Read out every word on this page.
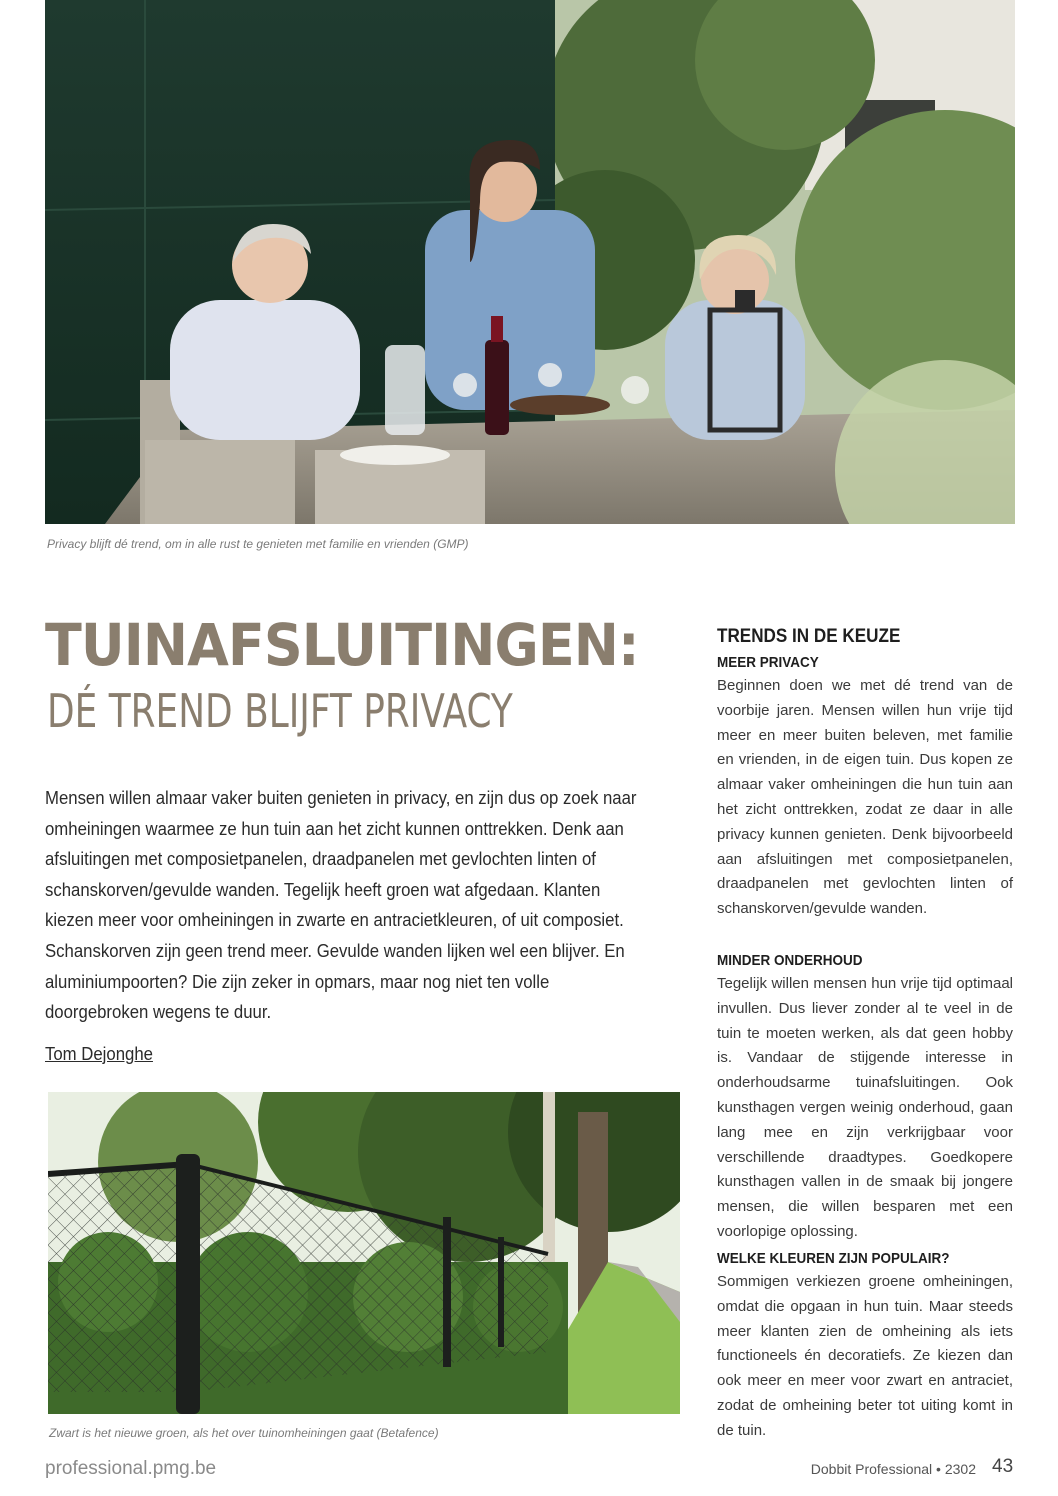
Privacy blijft dé trend, om in alle rust te genieten met familie en vrienden (GMP)
TUINAFSLUITINGEN:
DÉ TREND BLIJFT PRIVACY

Mensen willen almaar vaker buiten genieten in privacy, en zijn dus op zoek naar omheiningen waarmee ze hun tuin aan het zicht kunnen onttrekken. Denk aan afsluitingen met composietpanelen, draadpanelen met gevlochten linten of schanskorven/gevulde wanden. Tegelijk heeft groen wat afgedaan. Klanten kiezen meer voor omheiningen in zwarte en antracietkleuren, of uit composiet. Schanskorven zijn geen trend meer. Gevulde wanden lijken wel een blijver. En aluminiumpoorten? Die zijn zeker in opmars, maar nog niet ten volle doorgebroken wegens te duur.

Tom Dejonghe
Zwart is het nieuwe groen, als het over tuinomheiningen gaat (Betafence)
TRENDS IN DE KEUZE
MEER PRIVACY

Beginnen doen we met dé trend van de voorbije jaren. Mensen willen hun vrije tijd meer en meer buiten beleven, met familie en vrienden, in de eigen tuin. Dus kopen ze almaar vaker omheiningen die hun tuin aan het zicht onttrekken, zodat ze daar in alle privacy kunnen genieten. Denk bijvoorbeeld aan afsluitingen met composietpanelen, draadpanelen met gevlochten linten of schanskorven/gevulde wanden.

MINDER ONDERHOUD

Tegelijk willen mensen hun vrije tijd optimaal invullen. Dus liever zonder al te veel in de tuin te moeten werken, als dat geen hobby is. Vandaar de stijgende interesse in onderhoudsarme tuinafsluitingen. Ook kunsthagen vergen weinig onderhoud, gaan lang mee en zijn verkrijgbaar voor verschillende draadtypes. Goedkopere kunsthagen vallen in de smaak bij jongere mensen, die willen besparen met een voorlopige oplossing.

WELKE KLEUREN ZIJN POPULAIR?

Sommigen verkiezen groene omheiningen, omdat die opgaan in hun tuin. Maar steeds meer klanten zien de omheining als iets functioneels én decoratiefs. Ze kiezen dan ook meer en meer voor zwart en antraciet, zodat de omheining beter tot uiting komt in de tuin.

professional.pmg.be	Dobbit Professional • 2302 43
